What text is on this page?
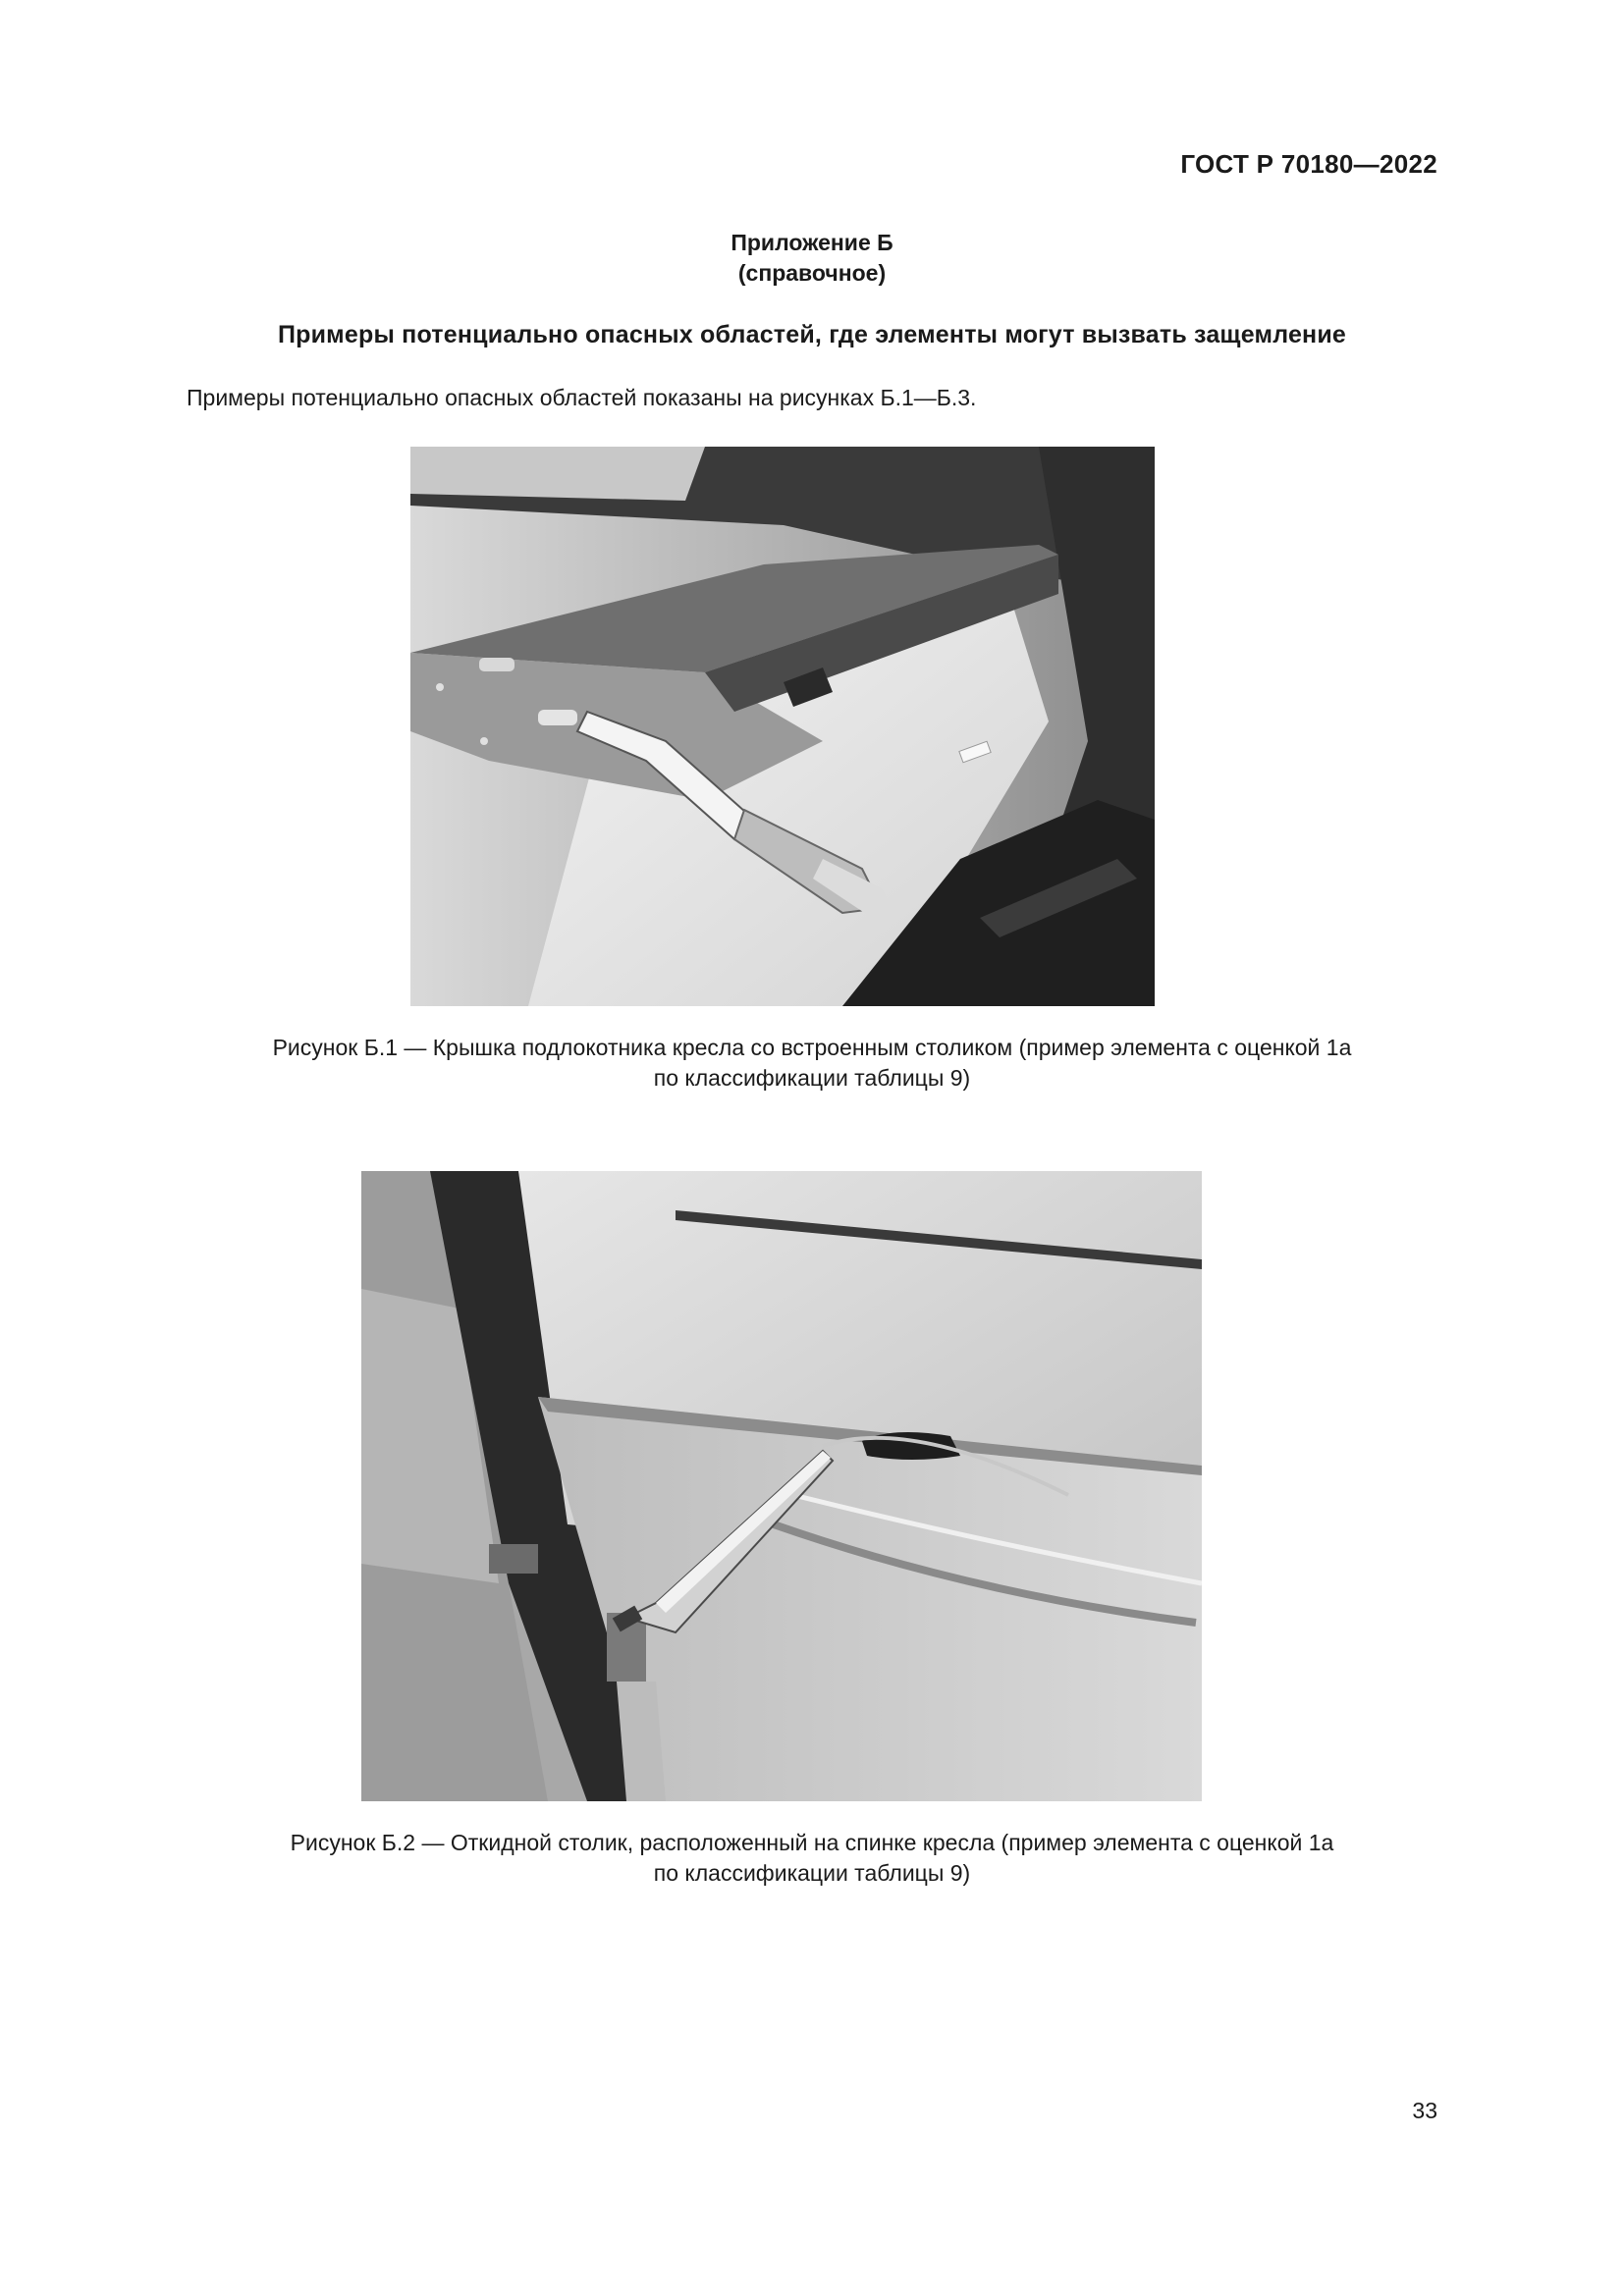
ГОСТ Р 70180—2022
Приложение Б
(справочное)
Примеры потенциально опасных областей, где элементы могут вызвать защемление
Примеры потенциально опасных областей показаны на рисунках Б.1—Б.3.
Рисунок Б.1 — Крышка подлокотника кресла со встроенным столиком (пример элемента с оценкой 1а
по классификации таблицы 9)
Рисунок Б.2 — Откидной столик, расположенный на спинке кресла (пример элемента с оценкой 1а
по классификации таблицы 9)
33
